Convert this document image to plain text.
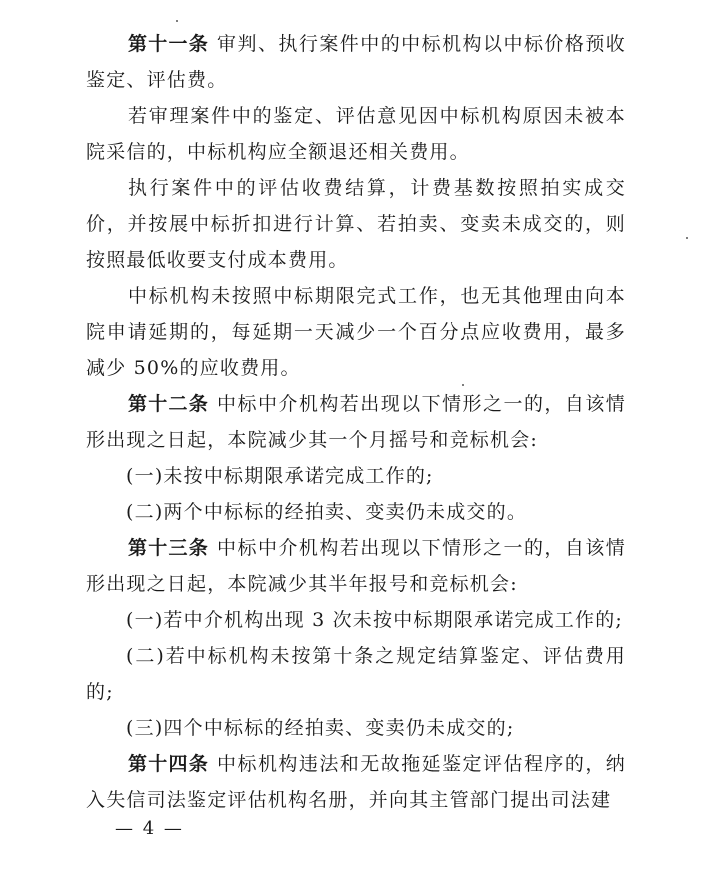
第十一条 审判、执行案件中的中标机构以中标价格预收鉴定、评估费。

若审理案件中的鉴定、评估意见因中标机构原因未被本院采信的，中标机构应全额退还相关费用。

执行案件中的评估收费结算，计费基数按照拍实成交价，并按展中标折扣进行计算、若拍卖、变卖未成交的，则按照最低收要支付成本费用。

中标机构未按照中标期限完式工作，也无其他理由向本院申请延期的，每延期一天减少一个百分点应收费用，最多减少 50%的应收费用。

第十二条 中标中介机构若出现以下情形之一的，自该情形出现之日起，本院减少其一个月摇号和竞标机会:

(一)未按中标期限承诺完成工作的;

(二)两个中标标的经拍卖、变卖仍未成交的。

第十三条 中标中介机构若出现以下情形之一的，自该情形出现之日起，本院减少其半年报号和竞标机会:

(一)若中介机构出现 3 次未按中标期限承诺完成工作的;

(二)若中标机构未按第十条之规定结算鉴定、评估费用的;

(三)四个中标标的经拍卖、变卖仍未成交的;

第十四条 中标机构违法和无故拖延鉴定评估程序的，纳入失信司法鉴定评估机构名册，并向其主管部门提出司法建

— 4 —
